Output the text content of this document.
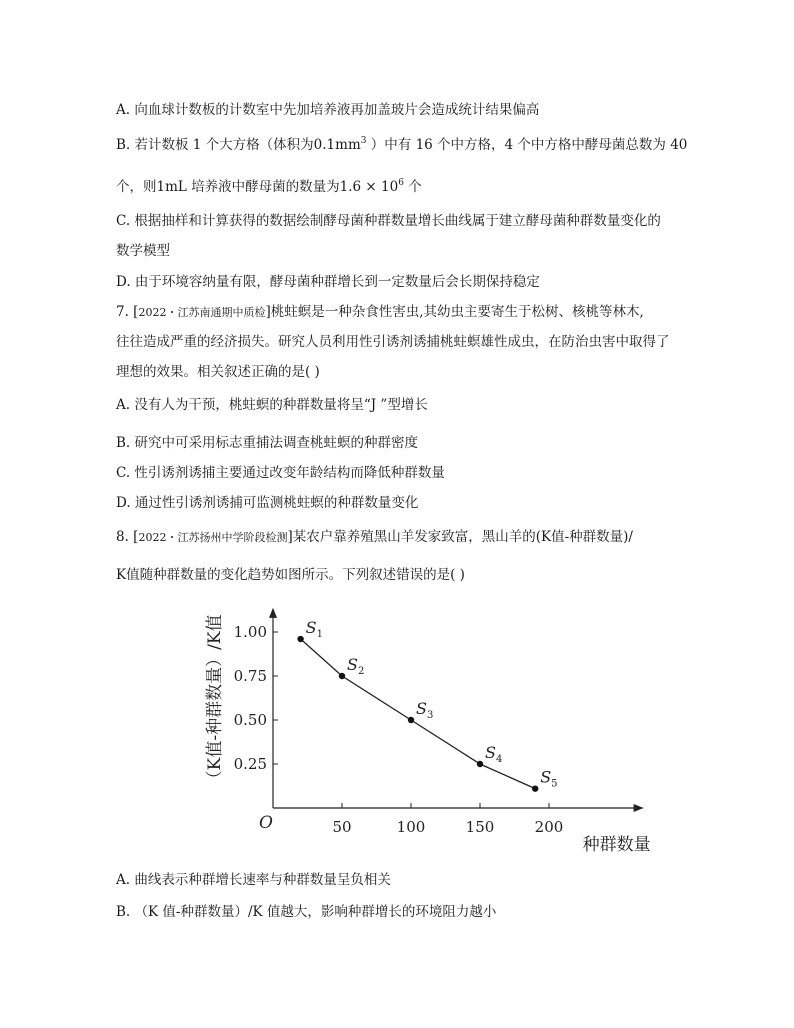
A. 向血球计数板的计数室中先加培养液再加盖玻片会造成统计结果偏高
B. 若计数板 1 个大方格（体积为$0.1mm^3$ ）中有 16 个中方格，4 个中方格中酵母菌总数为 40
个，则1mL 培养液中酵母菌的数量为$1.6 \times 10^6$ 个
C. 根据抽样和计算获得的数据绘制酵母菌种群数量增长曲线属于建立酵母菌种群数量变化的
数学模型
D. 由于环境容纳量有限，酵母菌种群增长到一定数量后会长期保持稳定
7. [2022・江苏南通期中质检]桃蛀螟是一种杂食性害虫,其幼虫主要寄生于松树、核桃等林木,
往往造成严重的经济损失。研究人员利用性引诱剂诱捕桃蛀螟雄性成虫，在防治虫害中取得了
理想的效果。相关叙述正确的是( )
A. 没有人为干预，桃蛀螟的种群数量将呈“J ”型增长
B. 研究中可采用标志重捕法调查桃蛀螟的种群密度
C. 性引诱剂诱捕主要通过改变年龄结构而降低种群数量
D. 通过性引诱剂诱捕可监测桃蛀螟的种群数量变化
8. [2022・江苏扬州中学阶段检测]某农户靠养殖黑山羊发家致富，黑山羊的(K值-种群数量)/
K值随种群数量的变化趋势如图所示。下列叙述错误的是( )
O	50	100	150	200
0.25
0.50
0.75
1.00
种群数量
（K值-种群数量）/K值	$S_1$
$S_2$
$S_3$
$S_4$
$S_5$
A. 曲线表示种群增长速率与种群数量呈负相关
B. （K 值-种群数量）/K 值越大，影响种群增长的环境阻力越小
